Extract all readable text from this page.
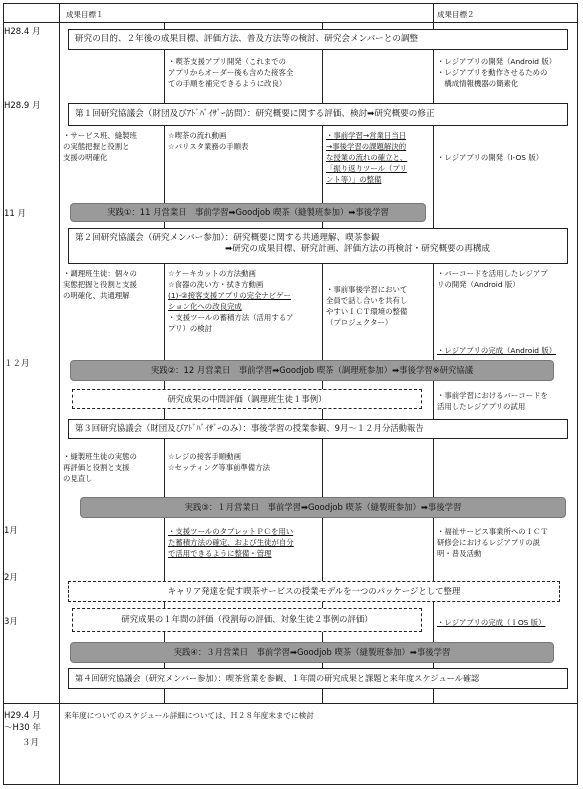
成果目標１	成果目標２
H28.4 月
H28.9 月
11 月
１２月
1月
2月
3月
H29.4 月
～H30 年
３月
研究の目的、２年後の成果目標、評価方法、普及方法等の検討、研究会メンバーとの調整
第１回研究協議会（財団及びｱﾄﾞﾊﾞｲｻﾞｰ訪問）：研究概要に関する評価、検討➡研究概要の修正
第２回研究協議会（研究メンバー参加）：研究概要に関する共通理解、喫茶参観
➡研究の成果目標、研究計画、評価方法の再検討・研究概要の再構成
第３回研究協議会（財団及びｱﾄﾞﾊﾞｲｻﾞｰのみ）：事後学習の授業参観、9月～１２月分活動報告
第４回研究協議会（研究メンバー参加）：喫茶営業を参観、１年間の研究成果と課題と来年度スケジュール確認
実践①：11 月営業日　事前学習➡Goodjob 喫茶（縫製班参加）➡事後学習
実践②：12 月営業日　事前学習➡Goodjob 喫茶（調理班参加）➡事後学習※研究協議
実践③：１月営業日　事前学習➡Goodjob 喫茶（縫製班参加）➡事後学習
実践④：３月営業日　事前学習➡Goodjob 喫茶（縫製班参加）➡事後学習
研究成果の中間評価（調理班生徒１事例）
キャリア発達を促す喫茶サービスの授業モデルを一つのパッケージとして整理
研究成果の１年間の評価（役割毎の評価、対象生徒２事例の評価）
・喫茶支援アプリ開発（これまでの
アプリからオーダー後も含めた接客全
ての手順を補完できるように改良）
・レジアプリの開発（Android 版）
・レジアプリを動作させるための
　構成情報機器の簡素化
・サービス班、縫製班
の実態把握と役割と
支援の明確化
☆喫茶の流れ動画
☆バリスタ業務の手順表
・事前学習→営業日当日
→事後学習の課題解決的
な授業の流れの確立と、
「振り返りツール（プリ
ント等）」の整備
・レジアプリの開発（I-OS 版）
・調理班生徒：個々の
実態把握と役割と支援
の明確化、共通理解
☆ケーキカットの方法動画
☆食器の洗い方・拭き方動画
(1)-②接客支援アプリの完全ナビゲー
ション化への改良完成
・支援ツールの蓄積方法（活用するア
プリ）の検討
・事前事後学習において
全員で話し合いを共有し
やすいＩＣＴ環境の整備
（プロジェクター）
・バーコードを活用したレジアプ
リの開発（Android 版）
・レジアプリの完成（Android 版）
・事前学習におけるバーコードを
活用したレジアプリの試用
・縫製班生徒の実態の
再評価と役割と支援
の見直し
☆レジの接客手順動画
☆セッティング等事前準備方法
・支援ツールのタブレットＰＣを用い
た蓄積方法の確定、および生徒が自分
で活用できるように整備・管理
・福祉サービス事業所へのＩＣＴ
研修会におけるレジアプリの説
明・普及活動
・レジアプリの完成（ＩOS 版）
来年度についてのスケジュール詳細については、Ｈ２８年度末までに検討
